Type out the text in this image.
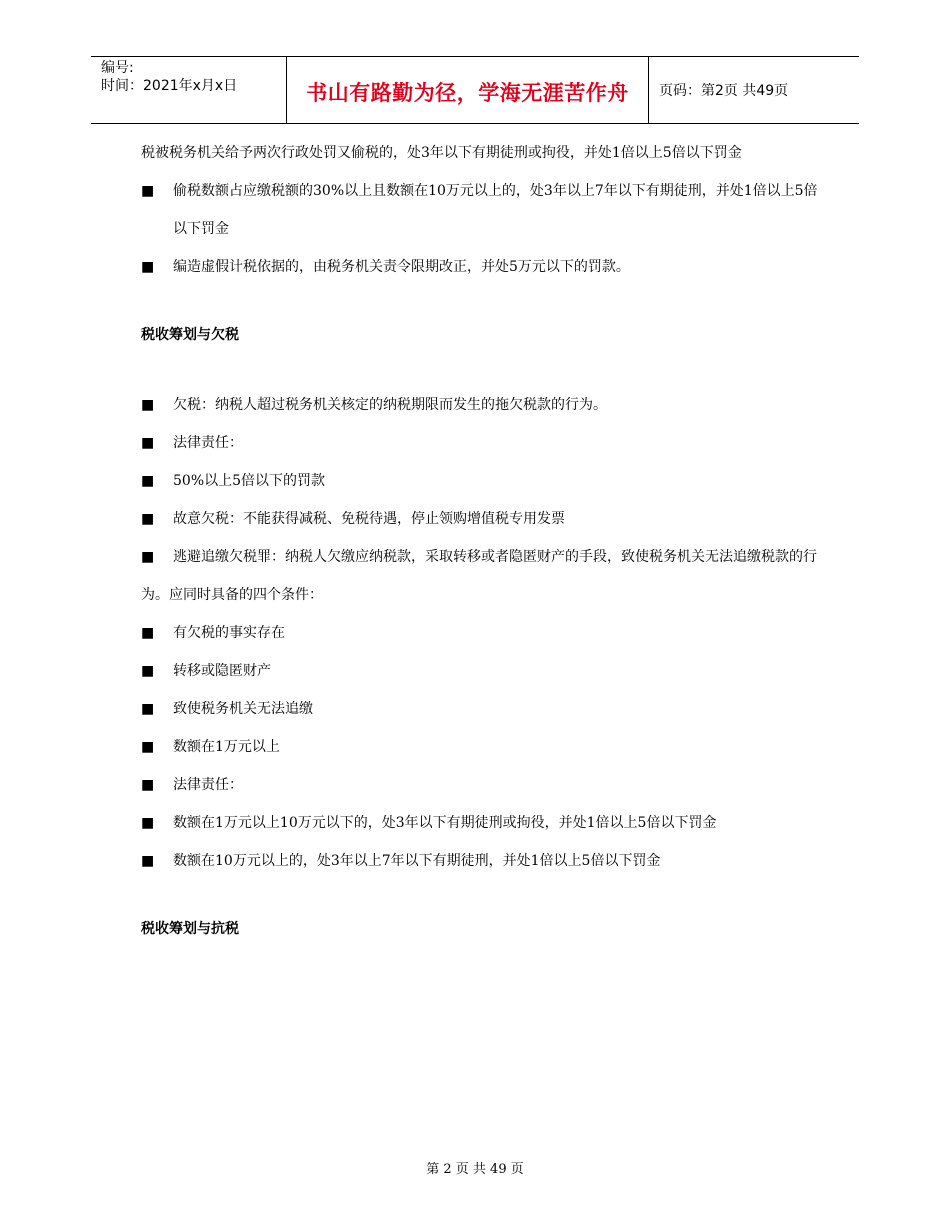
编号:
时间：2021年x月x日	书山有路勤为径，学海无涯苦作舟	页码：第2页 共49页
税被税务机关给予两次行政处罚又偷税的，处3年以下有期徒刑或拘役，并处1倍以上5倍以下罚金
■ 偷税数额占应缴税额的30%以上且数额在10万元以上的，处3年以上7年以下有期徒刑，并处1倍以上5倍以下罚金
■ 编造虚假计税依据的，由税务机关责令限期改正，并处5万元以下的罚款。
税收筹划与欠税
■ 欠税：纳税人超过税务机关核定的纳税期限而发生的拖欠税款的行为。
■ 法律责任：
■ 50%以上5倍以下的罚款
■ 故意欠税：不能获得减税、免税待遇，停止领购增值税专用发票
■ 逃避追缴欠税罪：纳税人欠缴应纳税款，采取转移或者隐匿财产的手段，致使税务机关无法追缴税款的行为。应同时具备的四个条件：
■ 有欠税的事实存在
■ 转移或隐匿财产
■ 致使税务机关无法追缴
■ 数额在1万元以上
■ 法律责任：
■ 数额在1万元以上10万元以下的，处3年以下有期徒刑或拘役，并处1倍以上5倍以下罚金
■ 数额在10万元以上的，处3年以上7年以下有期徒刑，并处1倍以上5倍以下罚金
税收筹划与抗税
第 2 页 共 49 页
